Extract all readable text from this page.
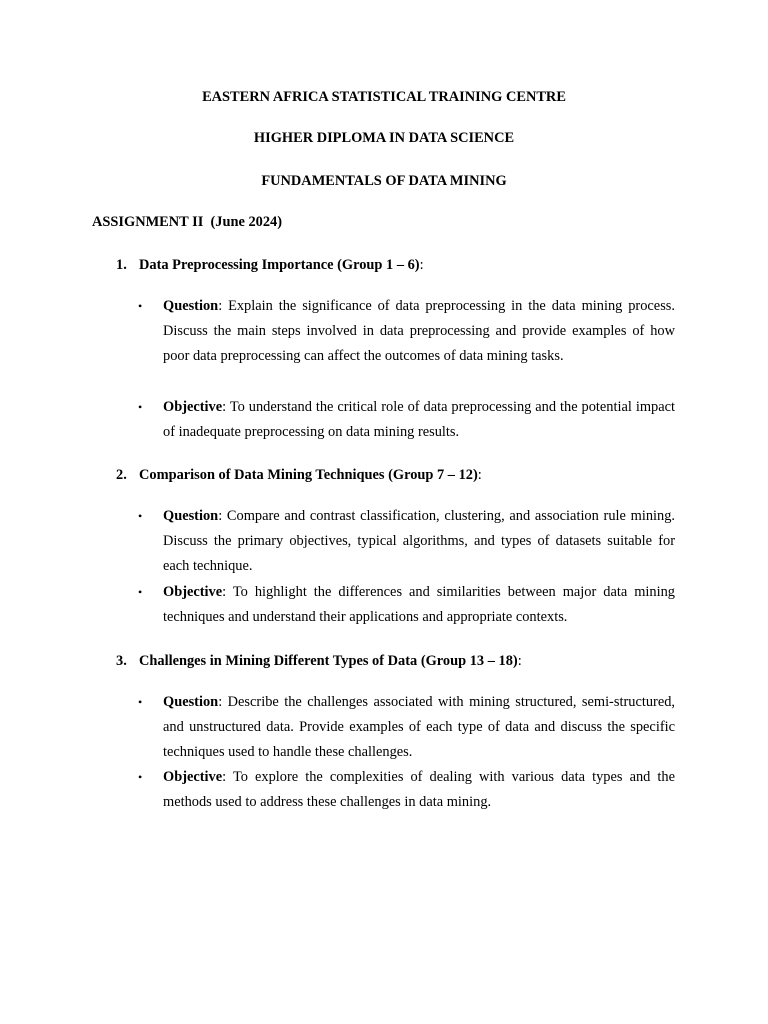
EASTERN AFRICA STATISTICAL TRAINING CENTRE
HIGHER DIPLOMA IN DATA SCIENCE
FUNDAMENTALS OF DATA MINING
ASSIGNMENT II  (June 2024)
1. Data Preprocessing Importance (Group 1 – 6):
• Question: Explain the significance of data preprocessing in the data mining process. Discuss the main steps involved in data preprocessing and provide examples of how poor data preprocessing can affect the outcomes of data mining tasks.
• Objective: To understand the critical role of data preprocessing and the potential impact of inadequate preprocessing on data mining results.
2. Comparison of Data Mining Techniques (Group 7 – 12):
• Question: Compare and contrast classification, clustering, and association rule mining. Discuss the primary objectives, typical algorithms, and types of datasets suitable for each technique.
• Objective: To highlight the differences and similarities between major data mining techniques and understand their applications and appropriate contexts.
3. Challenges in Mining Different Types of Data (Group 13 – 18):
• Question: Describe the challenges associated with mining structured, semi-structured, and unstructured data. Provide examples of each type of data and discuss the specific techniques used to handle these challenges.
• Objective: To explore the complexities of dealing with various data types and the methods used to address these challenges in data mining.
